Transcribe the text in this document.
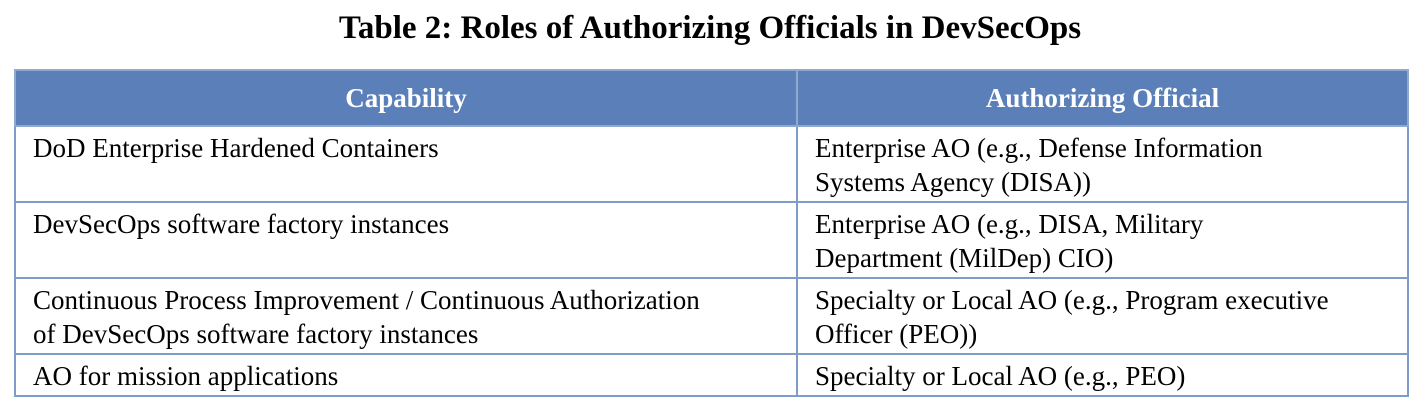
Table 2: Roles of Authorizing Officials in DevSecOps
Capability	Authorizing Official

DoD Enterprise Hardened Containers	Enterprise AO (e.g., Defense Information
Systems Agency (DISA))

DevSecOps software factory instances	Enterprise AO (e.g., DISA, Military
Department (MilDep) CIO)

Continuous Process Improvement / Continuous Authorization
of DevSecOps software factory instances	Specialty or Local AO (e.g., Program executive
Officer (PEO))

AO for mission applications	Specialty or Local AO (e.g., PEO)
